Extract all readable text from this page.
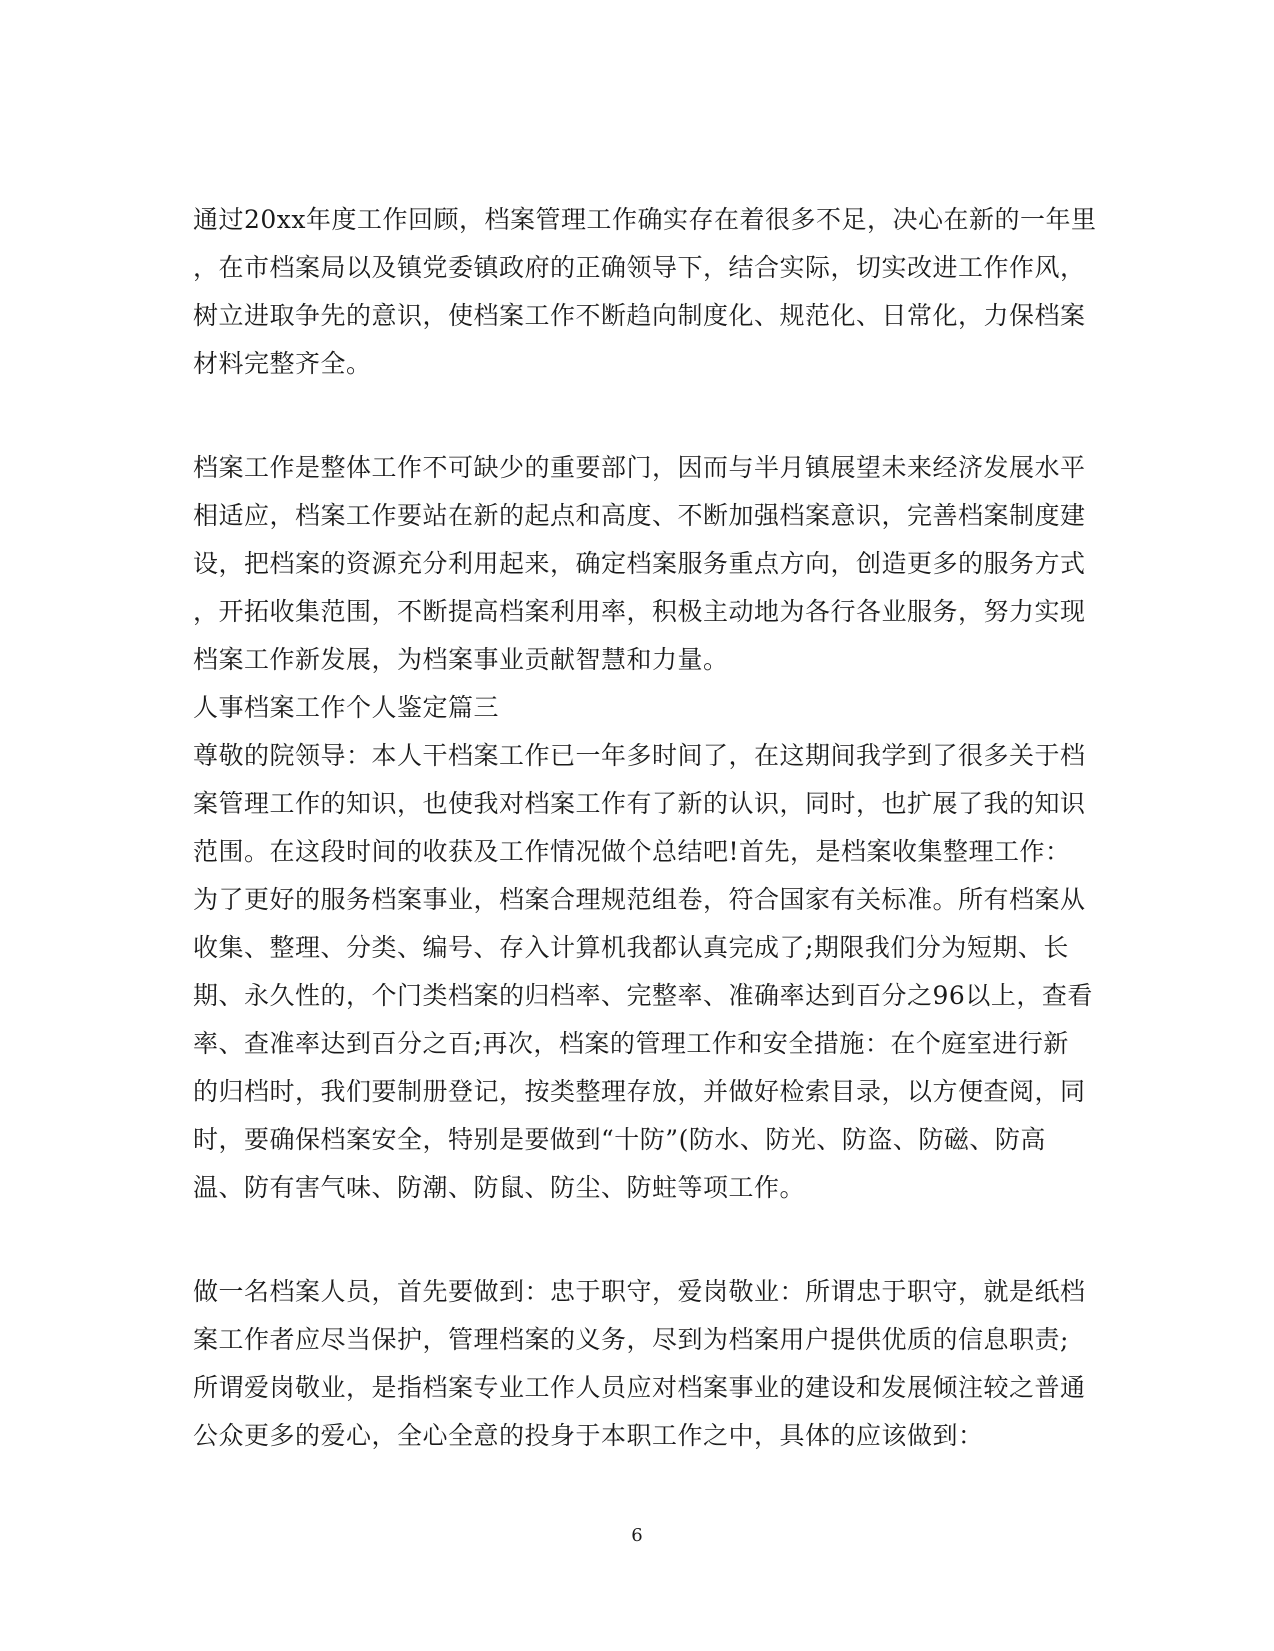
通过20xx年度工作回顾，档案管理工作确实存在着很多不足，决心在新的一年里
，在市档案局以及镇党委镇政府的正确领导下，结合实际，切实改进工作作风，
树立进取争先的意识，使档案工作不断趋向制度化、规范化、日常化，力保档案
材料完整齐全。
档案工作是整体工作不可缺少的重要部门，因而与半月镇展望未来经济发展水平
相适应，档案工作要站在新的起点和高度、不断加强档案意识，完善档案制度建
设，把档案的资源充分利用起来，确定档案服务重点方向，创造更多的服务方式
，开拓收集范围，不断提高档案利用率，积极主动地为各行各业服务，努力实现
档案工作新发展，为档案事业贡献智慧和力量。
人事档案工作个人鉴定篇三
尊敬的院领导：本人干档案工作已一年多时间了，在这期间我学到了很多关于档
案管理工作的知识，也使我对档案工作有了新的认识，同时，也扩展了我的知识
范围。在这段时间的收获及工作情况做个总结吧!首先，是档案收集整理工作：
为了更好的服务档案事业，档案合理规范组卷，符合国家有关标准。所有档案从
收集、整理、分类、编号、存入计算机我都认真完成了;期限我们分为短期、长
期、永久性的，个门类档案的归档率、完整率、准确率达到百分之96以上，查看
率、查准率达到百分之百;再次，档案的管理工作和安全措施：在个庭室进行新
的归档时，我们要制册登记，按类整理存放，并做好检索目录，以方便查阅，同
时，要确保档案安全，特别是要做到“十防”(防水、防光、防盗、防磁、防高
温、防有害气味、防潮、防鼠、防尘、防蛀等项工作。
做一名档案人员，首先要做到：忠于职守，爱岗敬业：所谓忠于职守，就是纸档
案工作者应尽当保护，管理档案的义务，尽到为档案用户提供优质的信息职责;
所谓爱岗敬业，是指档案专业工作人员应对档案事业的建设和发展倾注较之普通
公众更多的爱心，全心全意的投身于本职工作之中，具体的应该做到：
6
